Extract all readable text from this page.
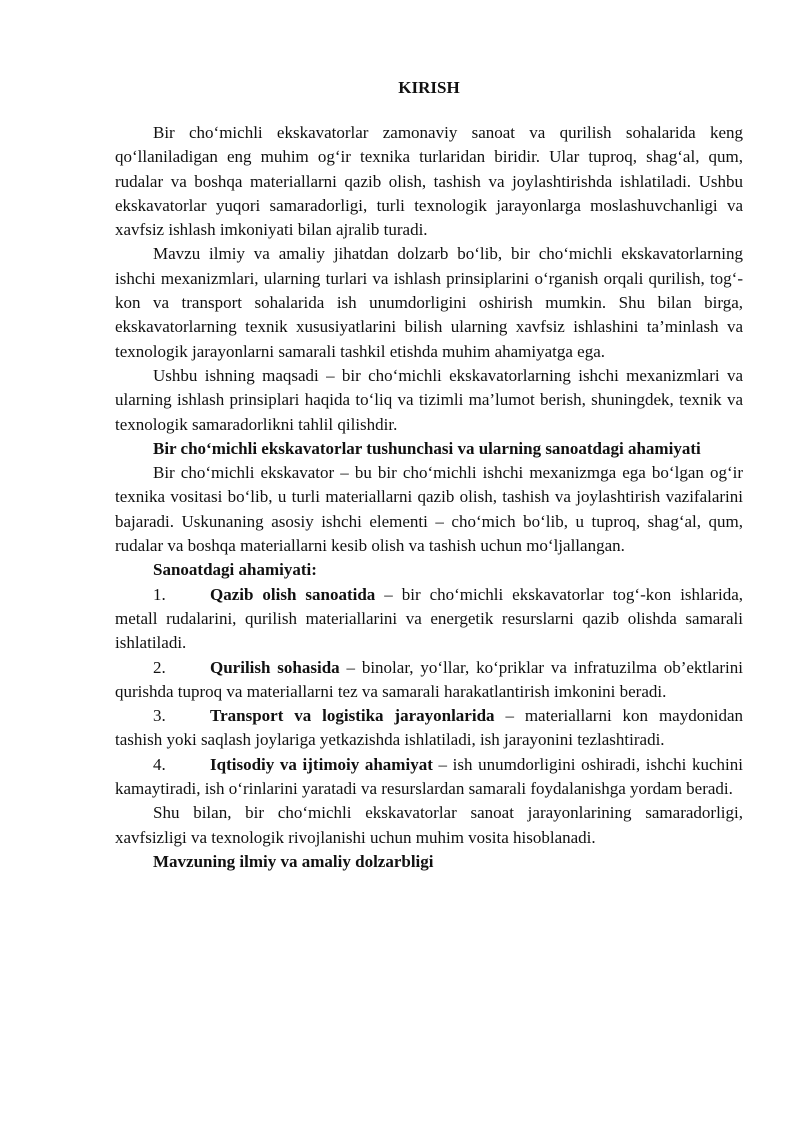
KIRISH

Bir cho‘michli ekskavatorlar zamonaviy sanoat va qurilish sohalarida keng qo‘llaniladigan eng muhim og‘ir texnika turlaridan biridir. Ular tuproq, shag‘al, qum, rudalar va boshqa materiallarni qazib olish, tashish va joylashtirishda ishlatiladi. Ushbu ekskavatorlar yuqori samaradorligi, turli texnologik jarayonlarga moslashuvchanligi va xavfsiz ishlash imkoniyati bilan ajralib turadi.

Mavzu ilmiy va amaliy jihatdan dolzarb bo‘lib, bir cho‘michli ekskavatorlarning ishchi mexanizmlari, ularning turlari va ishlash prinsiplarini o‘rganish orqali qurilish, tog‘-kon va transport sohalarida ish unumdorligini oshirish mumkin. Shu bilan birga, ekskavatorlarning texnik xususiyatlarini bilish ularning xavfsiz ishlashini ta’minlash va texnologik jarayonlarni samarali tashkil etishda muhim ahamiyatga ega.

Ushbu ishning maqsadi – bir cho‘michli ekskavatorlarning ishchi mexanizmlari va ularning ishlash prinsiplari haqida to‘liq va tizimli ma’lumot berish, shuningdek, texnik va texnologik samaradorlikni tahlil qilishdir.

Bir cho‘michli ekskavatorlar tushunchasi va ularning sanoatdagi ahamiyati

Bir cho‘michli ekskavator – bu bir cho‘michli ishchi mexanizmga ega bo‘lgan og‘ir texnika vositasi bo‘lib, u turli materiallarni qazib olish, tashish va joylashtirish vazifalarini bajaradi. Uskunaning asosiy ishchi elementi – cho‘mich bo‘lib, u tuproq, shag‘al, qum, rudalar va boshqa materiallarni kesib olish va tashish uchun mo‘ljallangan.

Sanoatdagi ahamiyati:

1.	Qazib olish sanoatida – bir cho‘michli ekskavatorlar tog‘-kon ishlarida, metall rudalarini, qurilish materiallarini va energetik resurslarni qazib olishda samarali ishlatiladi.

2.	Qurilish sohasida – binolar, yo‘llar, ko‘priklar va infratuzilma ob’ektlarini qurishda tuproq va materiallarni tez va samarali harakatlantirish imkonini beradi.

3.	Transport va logistika jarayonlarida – materiallarni kon maydonidan tashish yoki saqlash joylariga yetkazishda ishlatiladi, ish jarayonini tezlashtiradi.

4.	Iqtisodiy va ijtimoiy ahamiyat – ish unumdorligini oshiradi, ishchi kuchini kamaytiradi, ish o‘rinlarini yaratadi va resurslardan samarali foydalanishga yordam beradi.

Shu bilan, bir cho‘michli ekskavatorlar sanoat jarayonlarining samaradorligi, xavfsizligi va texnologik rivojlanishi uchun muhim vosita hisoblanadi.

Mavzuning ilmiy va amaliy dolzarbligi
